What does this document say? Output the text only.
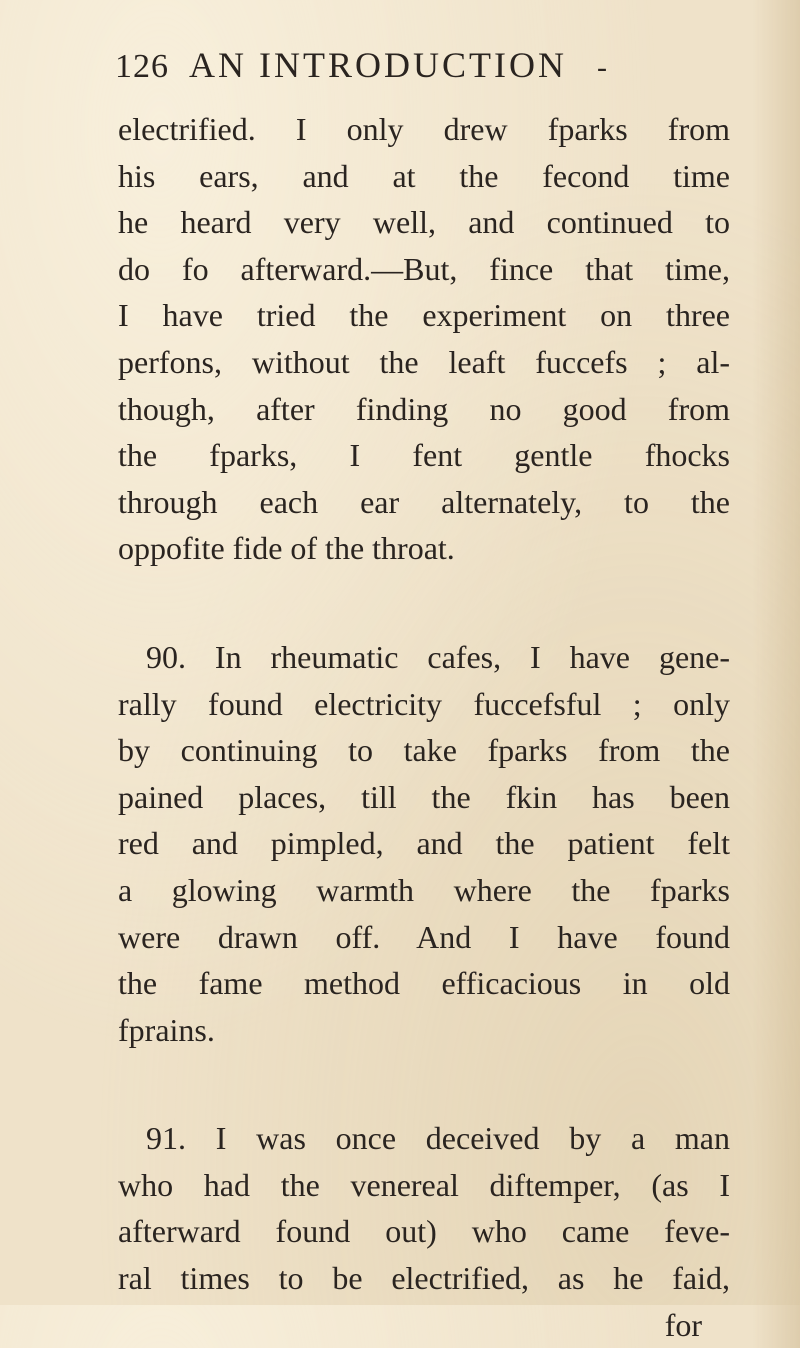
126 AN INTRODUCTION -
electrified. I only drew fparks from
his ears, and at the fecond time
he heard very well, and continued to
do fo afterward.—But, fince that time,
I have tried the experiment on three
perfons, without the leaft fuccefs ; al-
though, after finding no good from
the fparks, I fent gentle fhocks
through each ear alternately, to the
oppofite fide of the throat.
90. In rheumatic cafes, I have gene-
rally found electricity fuccefsful ; only
by continuing to take fparks from the
pained places, till the fkin has been
red and pimpled, and the patient felt
a glowing warmth where the fparks
were drawn off. And I have found
the fame method efficacious in old
fprains.
91. I was once deceived by a man
who had the venereal diftemper, (as I
afterward found out) who came feve-
ral times to be electrified, as he faid,
for
